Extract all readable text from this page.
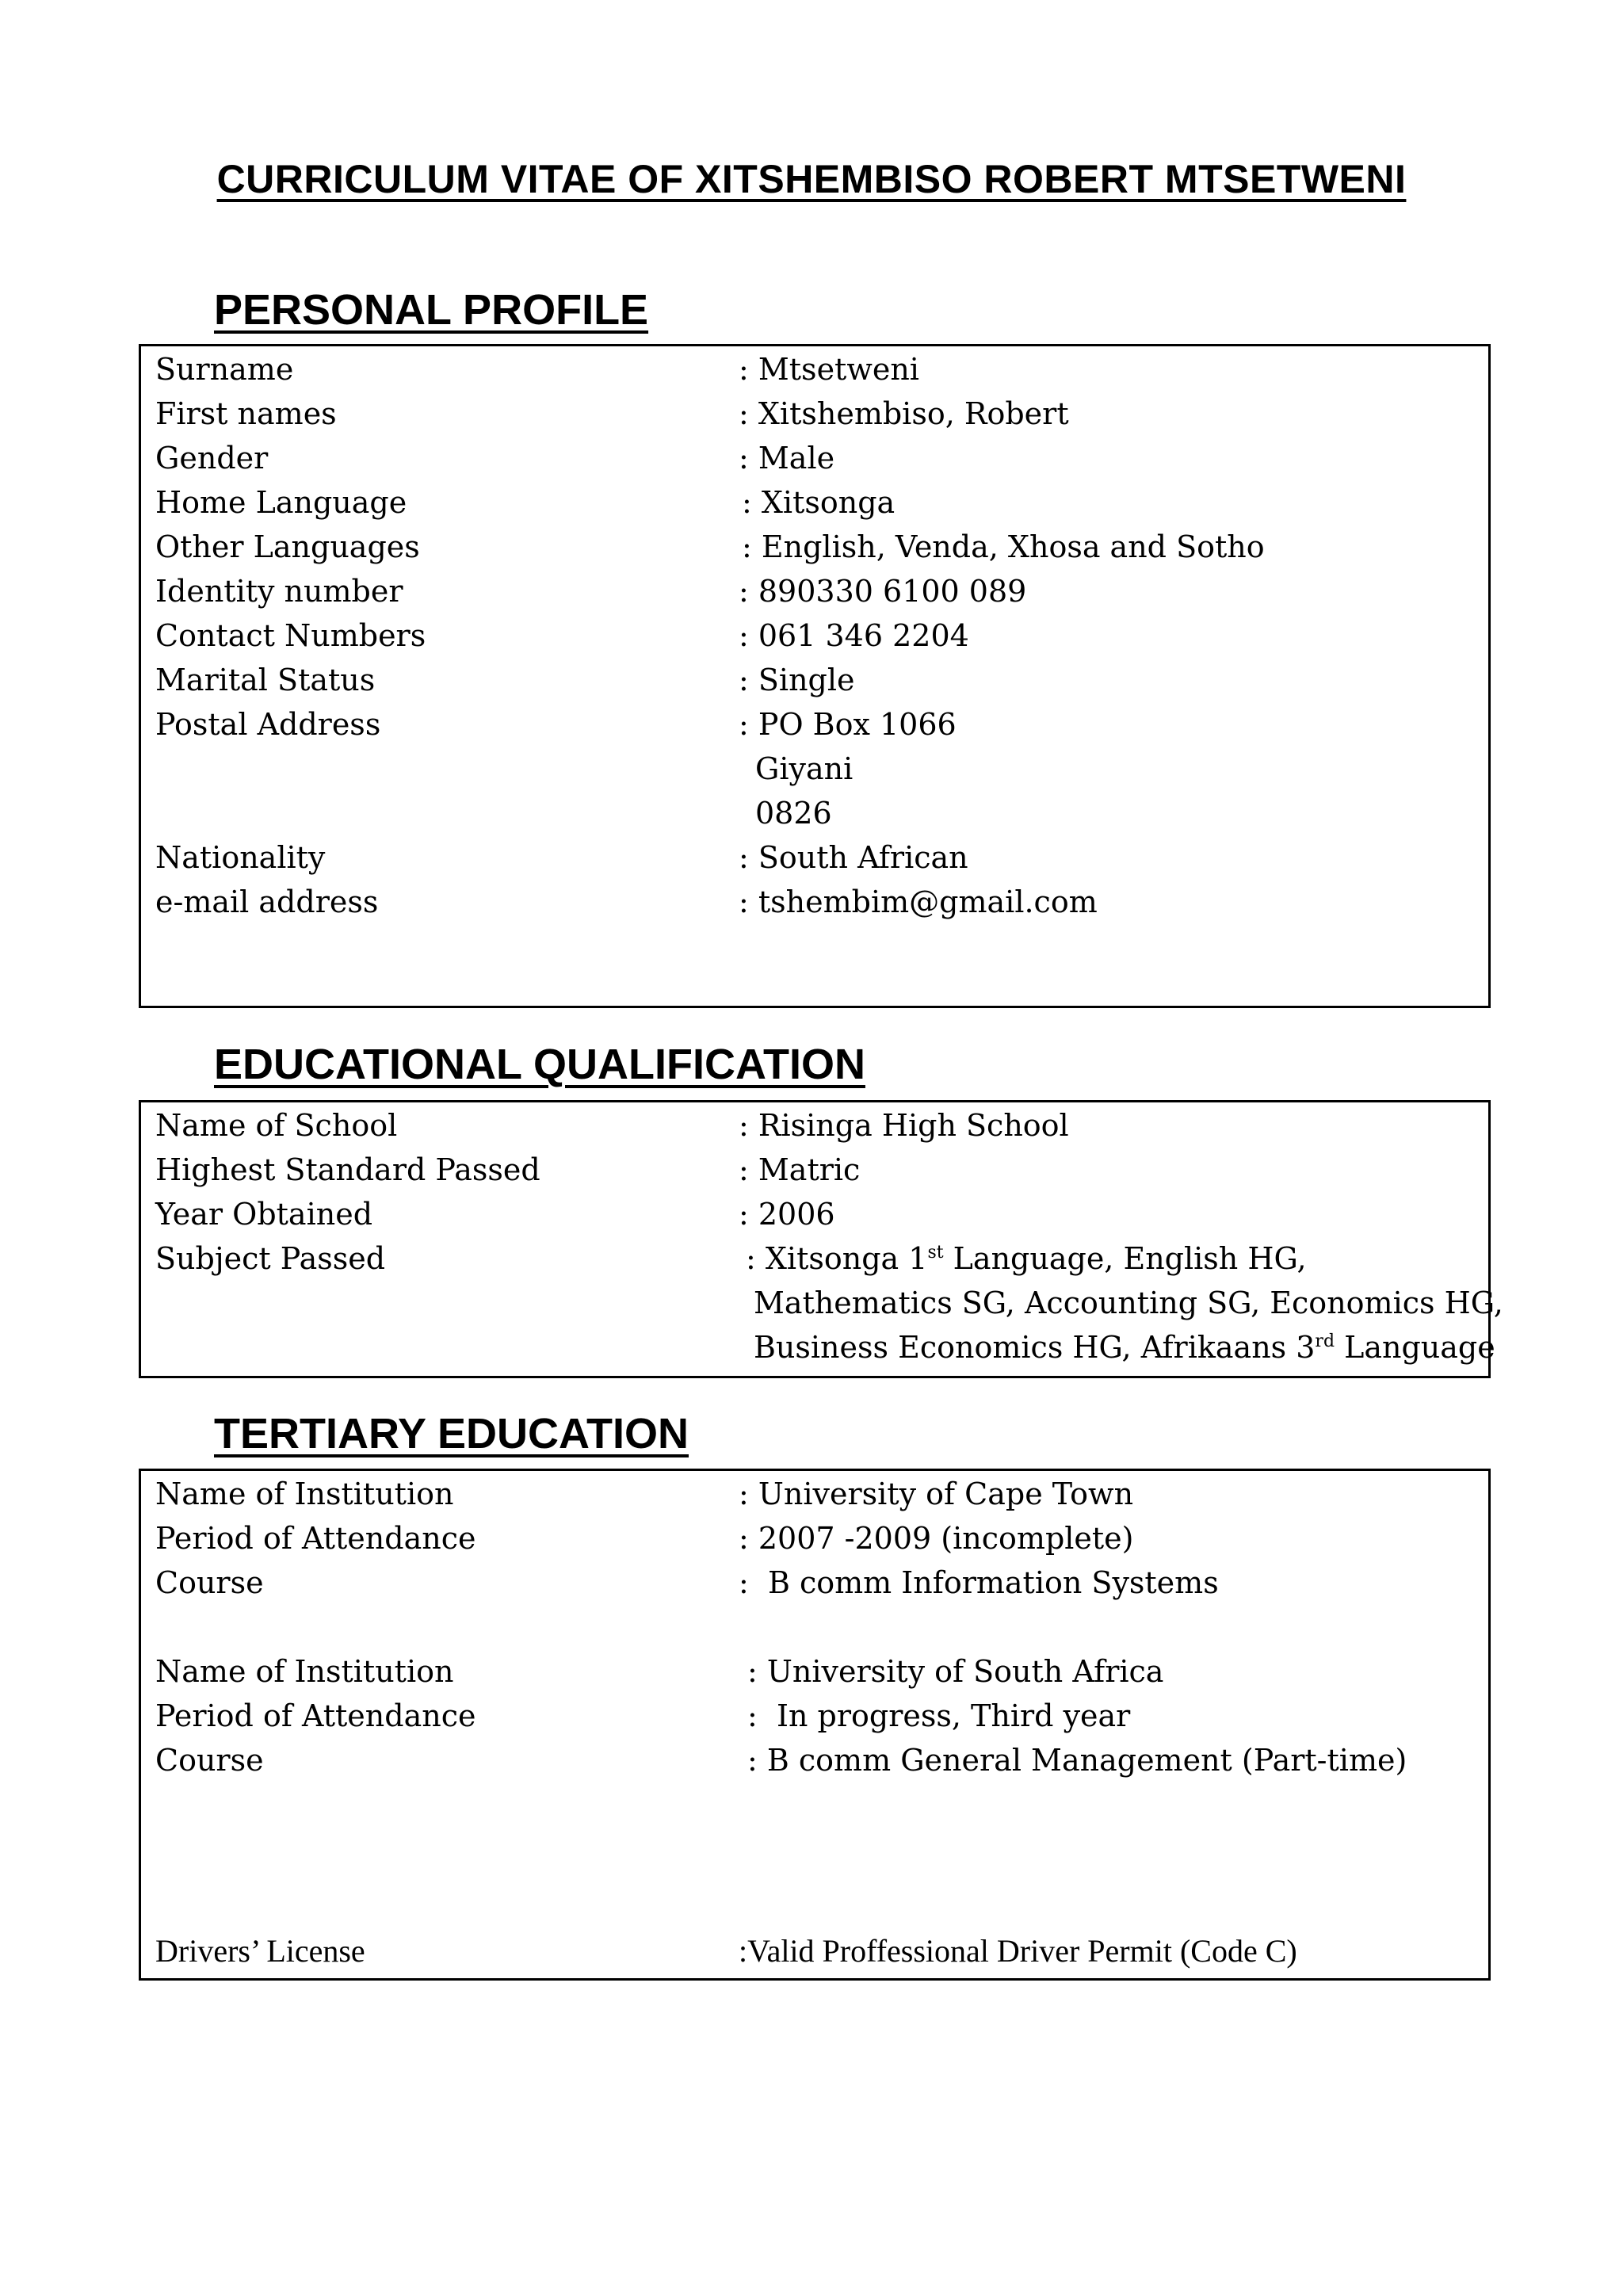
CURRICULUM VITAE OF XITSHEMBISO ROBERT MTSETWENI
PERSONAL PROFILE
Surname	: Mtsetweni
First names	: Xitshembiso, Robert
Gender	: Male
Home Language	: Xitsonga
Other Languages	: English, Venda, Xhosa and Sotho
Identity number	: 890330 6100 089
Contact Numbers	: 061 346 2204
Marital Status	: Single
Postal Address	: PO Box 1066
Giyani
0826
Nationality	: South African
e-mail address	: tshembim@gmail.com
EDUCATIONAL QUALIFICATION
Name of School	: Risinga High School
Highest Standard Passed	: Matric
Year Obtained	: 2006
Subject Passed	: Xitsonga 1st Language, English HG,
Mathematics SG, Accounting SG, Economics HG,
Business Economics HG, Afrikaans 3rd Language
TERTIARY EDUCATION
Name of Institution	: University of Cape Town
Period of Attendance	: 2007 -2009 (incomplete)
Course	:  B comm Information Systems
Name of Institution	: University of South Africa
Period of Attendance	:  In progress, Third year
Course	: B comm General Management (Part-time)
Drivers’ License	:Valid Proffessional Driver Permit (Code C)
